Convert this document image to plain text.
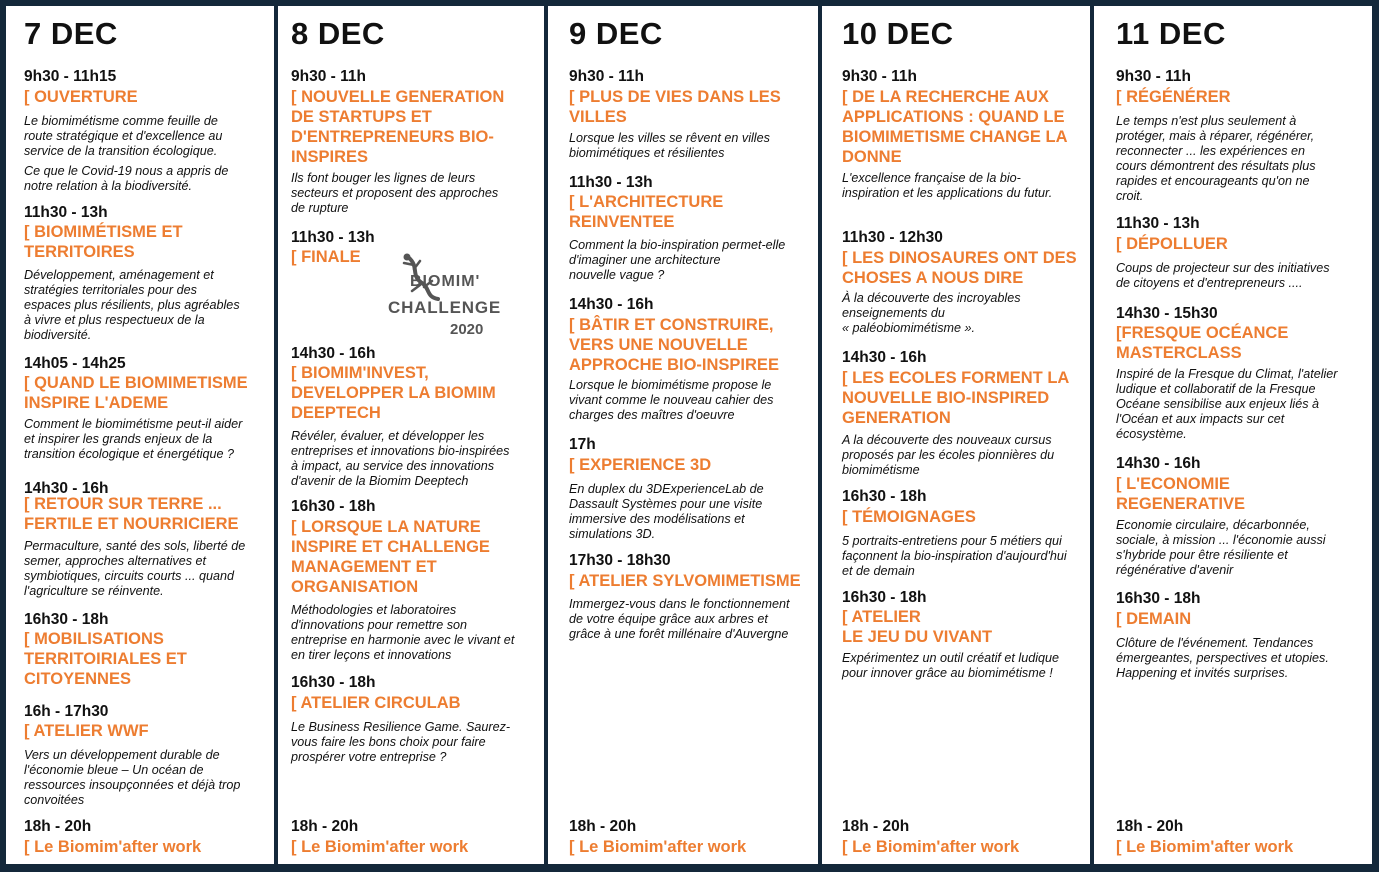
7 DEC
9h30 - 11h15
[ OUVERTURE
Le biomimétisme comme feuille de
route stratégique et d'excellence au
service de la transition écologique.
Ce que le Covid-19 nous a appris de
notre relation à la biodiversité.
11h30 - 13h
[ BIOMIMÉTISME ET
TERRITOIRES
Développement, aménagement et
stratégies territoriales pour des
espaces plus résilients, plus agréables
à vivre et plus respectueux de la
biodiversité.
14h05 - 14h25
[ QUAND LE BIOMIMETISME
INSPIRE L'ADEME
Comment le biomimétisme peut-il aider
et inspirer les grands enjeux de la
transition écologique et énergétique ?
14h30 - 16h
[ RETOUR SUR TERRE ...
FERTILE ET NOURRICIERE
Permaculture, santé des sols, liberté de
semer, approches alternatives et
symbiotiques, circuits courts ... quand
l'agriculture se réinvente.
16h30 - 18h
[ MOBILISATIONS
TERRITOIRIALES ET
CITOYENNES
16h - 17h30
[ ATELIER WWF
Vers un développement durable de
l'économie bleue – Un océan de
ressources insoupçonnées et déjà trop
convoitées
18h - 20h
[ Le Biomim'after work
8 DEC
9h30 - 11h
[ NOUVELLE GENERATION
DE STARTUPS ET
D'ENTREPRENEURS BIO-
INSPIRES
Ils font bouger les lignes de leurs
secteurs et proposent des approches
de rupture
11h30 - 13h
[ FINALE
BIOMIM'
CHALLENGE
2020
14h30 - 16h
[ BIOMIM'INVEST,
DEVELOPPER LA BIOMIM
DEEPTECH
Révéler, évaluer, et développer les
entreprises et innovations bio-inspirées
à impact, au service des innovations
d'avenir de la Biomim Deeptech
16h30 - 18h
[ LORSQUE LA NATURE
INSPIRE ET CHALLENGE
MANAGEMENT ET
ORGANISATION
Méthodologies et laboratoires
d'innovations pour remettre son
entreprise en harmonie avec le vivant et
en tirer leçons et innovations
16h30 - 18h
[ ATELIER CIRCULAB
Le Business Resilience Game. Saurez-
vous faire les bons choix pour faire
prospérer votre entreprise ?
18h - 20h
[ Le Biomim'after work
9 DEC
9h30 - 11h
[ PLUS DE VIES DANS LES
VILLES
Lorsque les villes se rêvent en villes
biomimétiques et résilientes
11h30 - 13h
[ L'ARCHITECTURE
REINVENTEE
Comment la bio-inspiration permet-elle
d'imaginer une architecture
nouvelle vague ?
14h30 - 16h
[ BÂTIR ET CONSTRUIRE,
VERS UNE NOUVELLE
APPROCHE BIO-INSPIREE
Lorsque le biomimétisme propose le
vivant comme le nouveau cahier des
charges des maîtres d'oeuvre
17h
[ EXPERIENCE 3D
En duplex du 3DExperienceLab de
Dassault Systèmes pour une visite
immersive des modélisations et
simulations 3D.
17h30 - 18h30
[ ATELIER SYLVOMIMETISME
Immergez-vous dans le fonctionnement
de votre équipe grâce aux arbres et
grâce à une forêt millénaire d'Auvergne
18h - 20h
[ Le Biomim'after work
10 DEC
9h30 - 11h
[ DE LA RECHERCHE AUX
APPLICATIONS : QUAND LE
BIOMIMETISME CHANGE LA
DONNE
L'excellence française de la bio-
inspiration et les applications du futur.
11h30 - 12h30
[ LES DINOSAURES ONT DES
CHOSES A NOUS DIRE
À la découverte des incroyables
enseignements du
« paléobiomimétisme ».
14h30 - 16h
[ LES ECOLES FORMENT LA
NOUVELLE BIO-INSPIRED
GENERATION
A la découverte des nouveaux cursus
proposés par les écoles pionnières du
biomimétisme
16h30 - 18h
[ TÉMOIGNAGES
5 portraits-entretiens pour 5 métiers qui
façonnent la bio-inspiration d'aujourd'hui
et de demain
16h30 - 18h
[ ATELIER
LE JEU DU VIVANT
Expérimentez un outil créatif et ludique
pour innover grâce au biomimétisme !
18h - 20h
[ Le Biomim'after work
11 DEC
9h30 - 11h
[ RÉGÉNÉRER
Le temps n'est plus seulement à
protéger, mais à réparer, régénérer,
reconnecter ... les expériences en
cours démontrent des résultats plus
rapides et encourageants qu'on ne
croit.
11h30 - 13h
[ DÉPOLLUER
Coups de projecteur sur des initiatives
de citoyens et d'entrepreneurs ....
14h30 - 15h30
[FRESQUE OCÉANCE
MASTERCLASS
Inspiré de la Fresque du Climat, l'atelier
ludique et collaboratif de la Fresque
Océane sensibilise aux enjeux liés à
l'Océan et aux impacts sur cet
écosystème.
14h30 - 16h
[ L'ECONOMIE
REGENERATIVE
Economie circulaire, décarbonnée,
sociale, à mission ... l'économie aussi
s'hybride pour être résiliente et
régénérative d'avenir
16h30 - 18h
[ DEMAIN
Clôture de l'événement. Tendances
émergeantes, perspectives et utopies.
Happening et invités surprises.
18h - 20h
[ Le Biomim'after work
